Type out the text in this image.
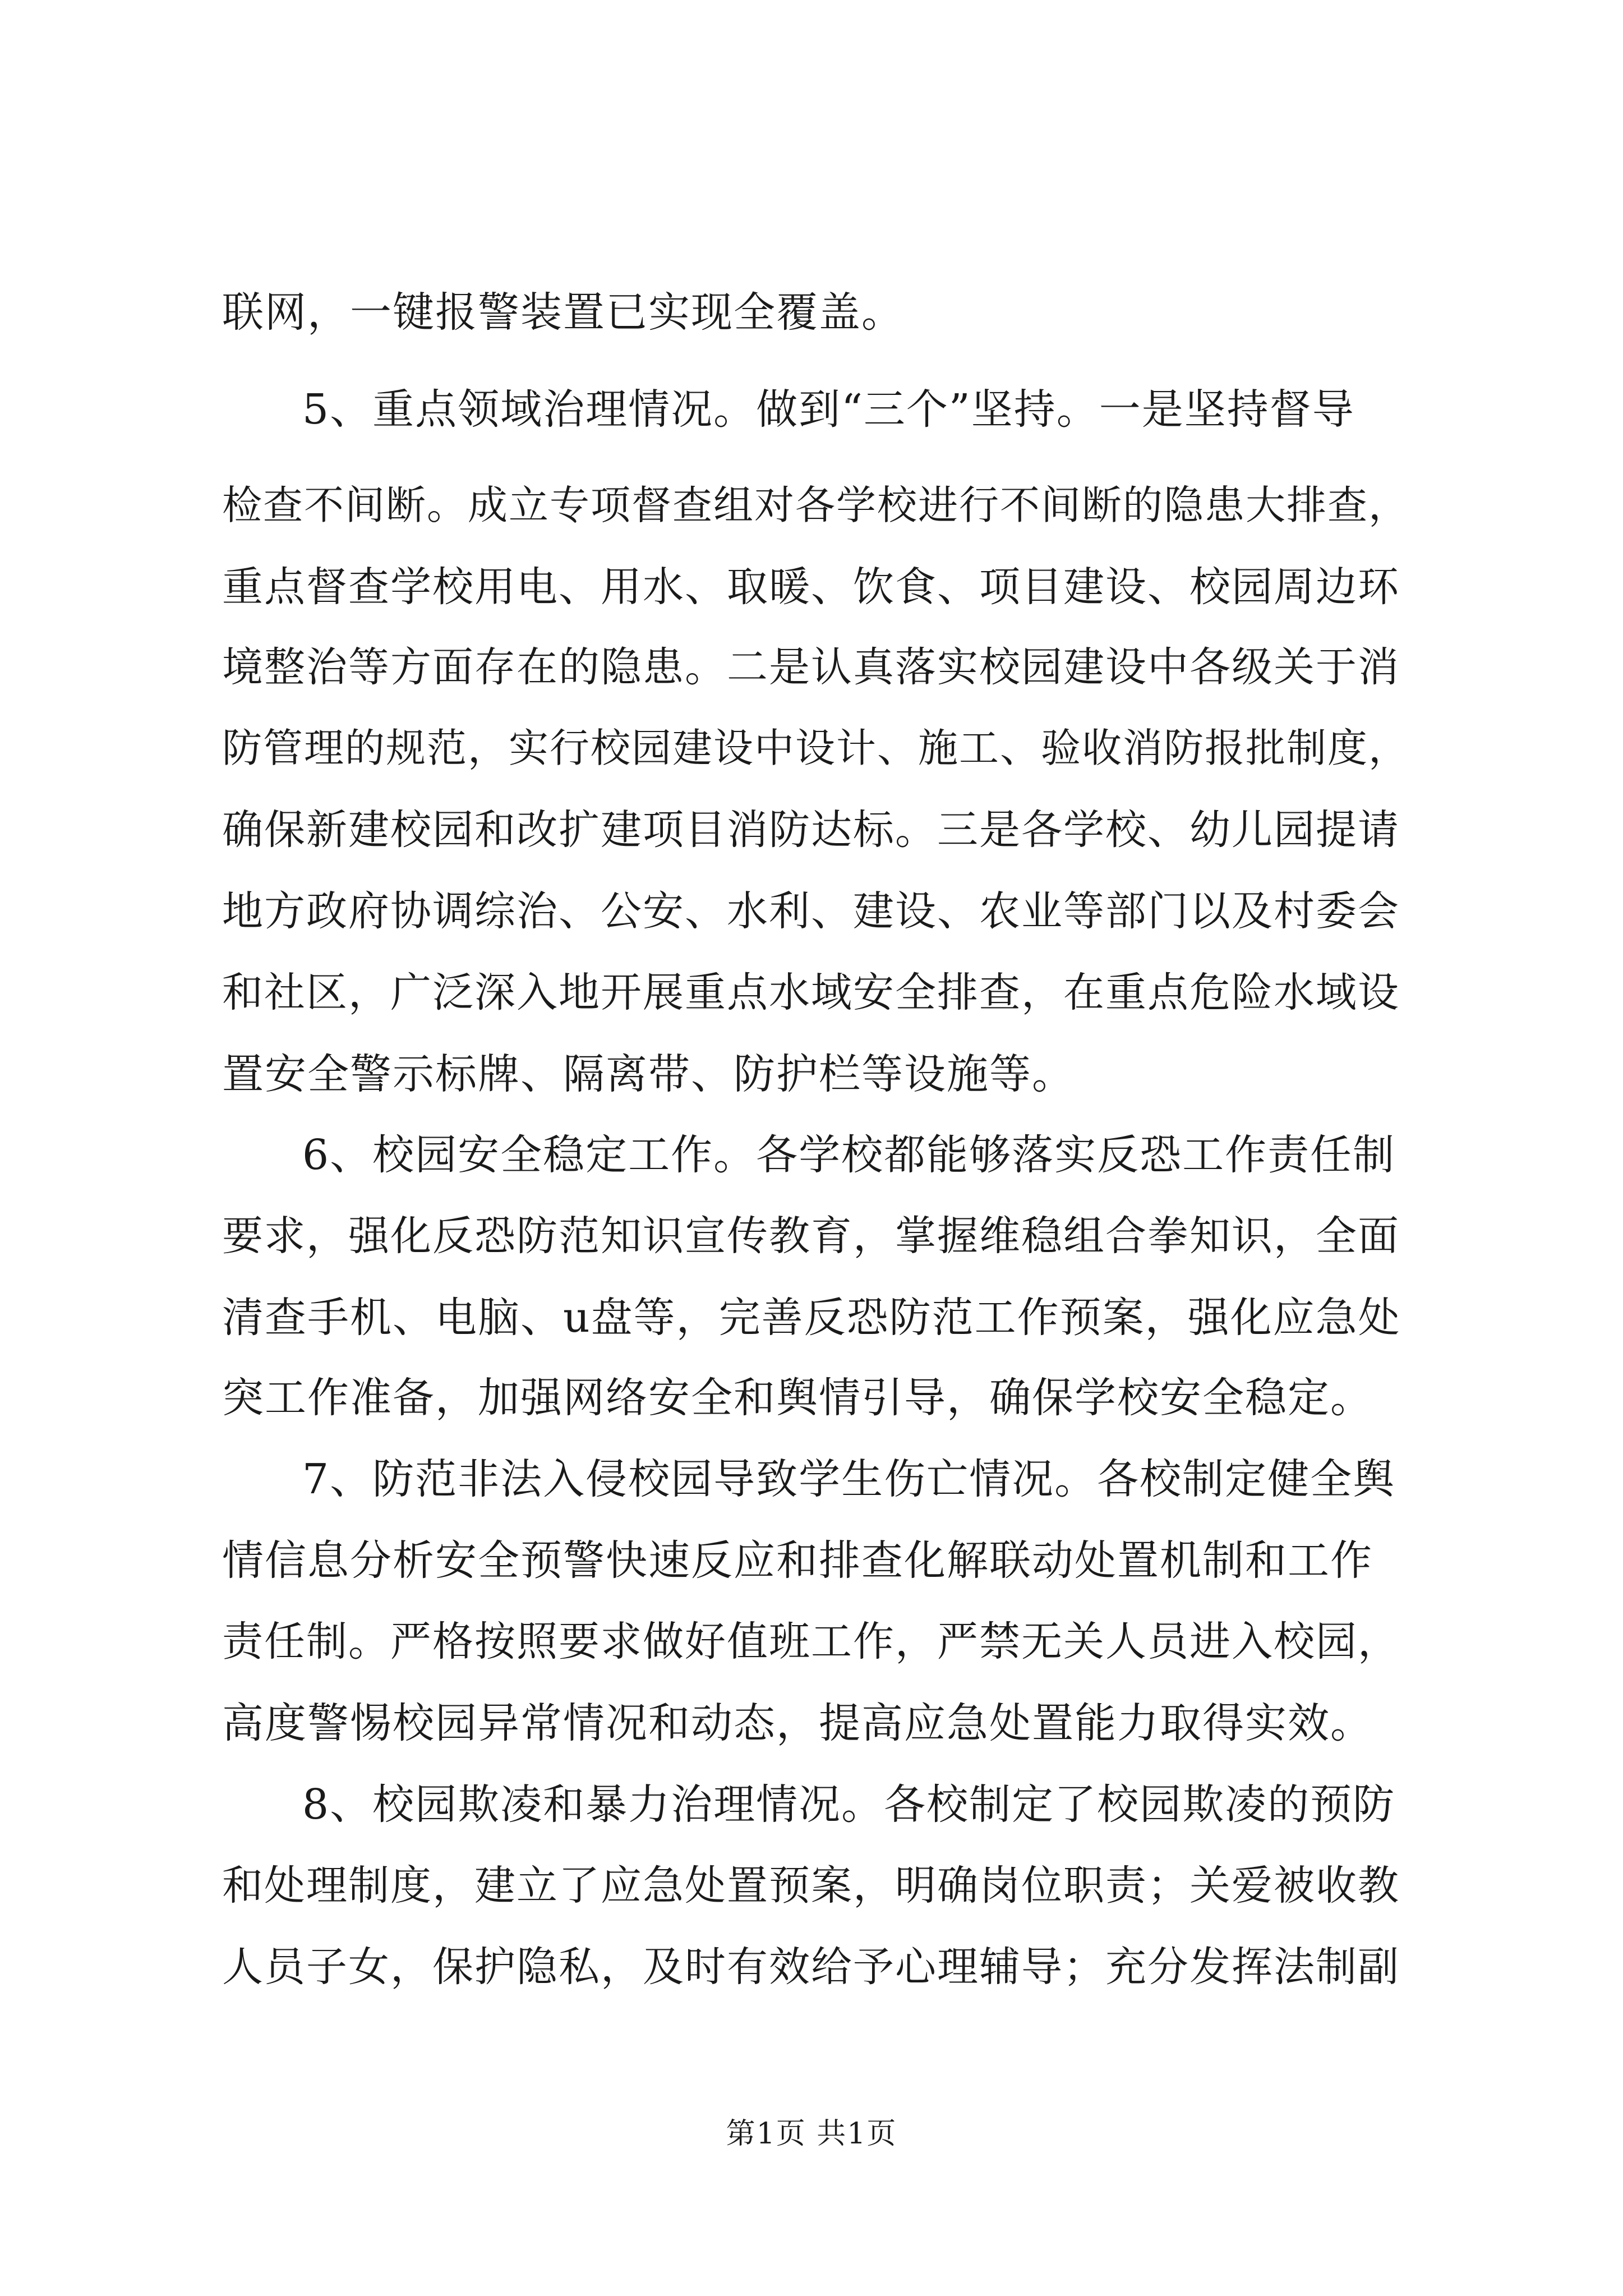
联网，一键报警装置已实现全覆盖。
5、重点领域治理情况。做到“三个”坚持。一是坚持督导
检查不间断。成立专项督查组对各学校进行不间断的隐患大排查，
重点督查学校用电、用水、取暖、饮食、项目建设、校园周边环
境整治等方面存在的隐患。二是认真落实校园建设中各级关于消
防管理的规范，实行校园建设中设计、施工、验收消防报批制度，
确保新建校园和改扩建项目消防达标。三是各学校、幼儿园提请
地方政府协调综治、公安、水利、建设、农业等部门以及村委会
和社区，广泛深入地开展重点水域安全排查，在重点危险水域设
置安全警示标牌、隔离带、防护栏等设施等。
6、校园安全稳定工作。各学校都能够落实反恐工作责任制
要求，强化反恐防范知识宣传教育，掌握维稳组合拳知识，全面
清查手机、电脑、u盘等，完善反恐防范工作预案，强化应急处
突工作准备，加强网络安全和舆情引导，确保学校安全稳定。
7、防范非法入侵校园导致学生伤亡情况。各校制定健全舆
情信息分析安全预警快速反应和排查化解联动处置机制和工作
责任制。严格按照要求做好值班工作，严禁无关人员进入校园，
高度警惕校园异常情况和动态，提高应急处置能力取得实效。
8、校园欺凌和暴力治理情况。各校制定了校园欺凌的预防
和处理制度，建立了应急处置预案，明确岗位职责；关爱被收教
人员子女，保护隐私，及时有效给予心理辅导；充分发挥法制副
第1页 共1页
